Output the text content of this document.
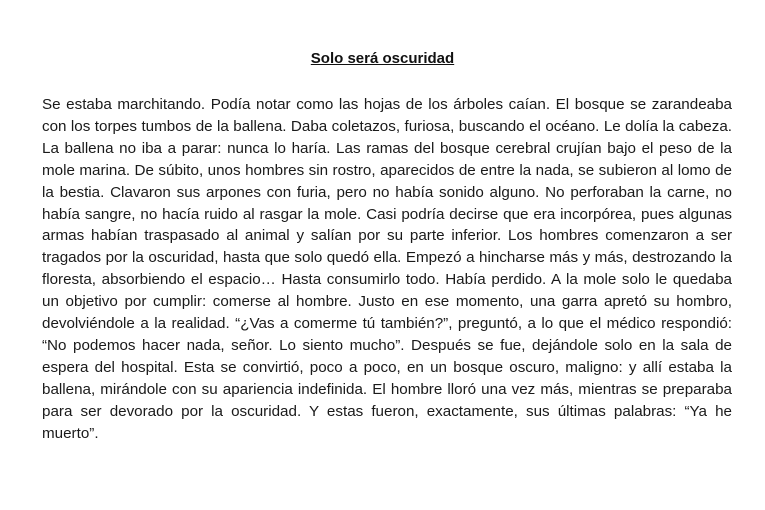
Solo será oscuridad

Se estaba marchitando. Podía notar como las hojas de los árboles caían. El bosque se zarandeaba con los torpes tumbos de la ballena. Daba coletazos, furiosa, buscando el océano. Le dolía la cabeza. La ballena no iba a parar: nunca lo haría. Las ramas del bosque cerebral crujían bajo el peso de la mole marina. De súbito, unos hombres sin rostro, aparecidos de entre la nada, se subieron al lomo de la bestia. Clavaron sus arpones con furia, pero no había sonido alguno. No perforaban la carne, no había sangre, no hacía ruido al rasgar la mole. Casi podría decirse que era incorpórea, pues algunas armas habían traspasado al animal y salían por su parte inferior. Los hombres comenzaron a ser tragados por la oscuridad, hasta que solo quedó ella. Empezó a hincharse más y más, destrozando la floresta, absorbiendo el espacio… Hasta consumirlo todo. Había perdido. A la mole solo le quedaba un objetivo por cumplir: comerse al hombre. Justo en ese momento, una garra apretó su hombro, devolviéndole a la realidad. “¿Vas a comerme tú también?”, preguntó, a lo que el médico respondió: “No podemos hacer nada, señor. Lo siento mucho”. Después se fue, dejándole solo en la sala de espera del hospital. Esta se convirtió, poco a poco, en un bosque oscuro, maligno: y allí estaba la ballena, mirándole con su apariencia indefinida. El hombre lloró una vez más, mientras se preparaba para ser devorado por la oscuridad. Y estas fueron, exactamente, sus últimas palabras: “Ya he muerto”.
